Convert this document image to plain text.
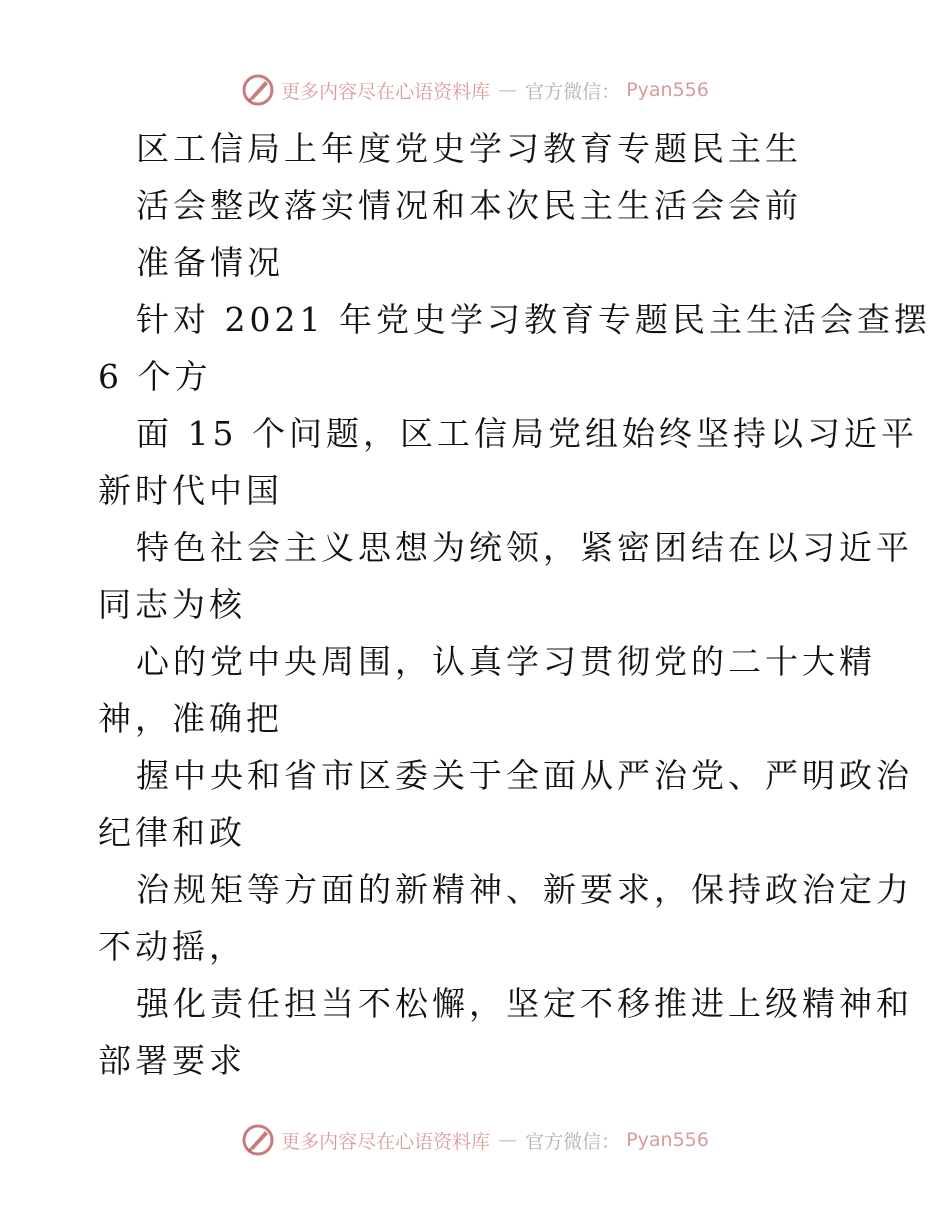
更多内容尽在心语资料库 — 官方微信： Pyan556
区工信局上年度党史学习教育专题民主生
活会整改落实情况和本次民主生活会会前
准备情况
针对 2021 年党史学习教育专题民主生活会查摆
6 个方
面 15 个问题，区工信局党组始终坚持以习近平
新时代中国
特色社会主义思想为统领，紧密团结在以习近平
同志为核
心的党中央周围，认真学习贯彻党的二十大精
神，准确把
握中央和省市区委关于全面从严治党、严明政治
纪律和政
治规矩等方面的新精神、新要求，保持政治定力
不动摇，
强化责任担当不松懈，坚定不移推进上级精神和
部署要求
更多内容尽在心语资料库 — 官方微信： Pyan556
